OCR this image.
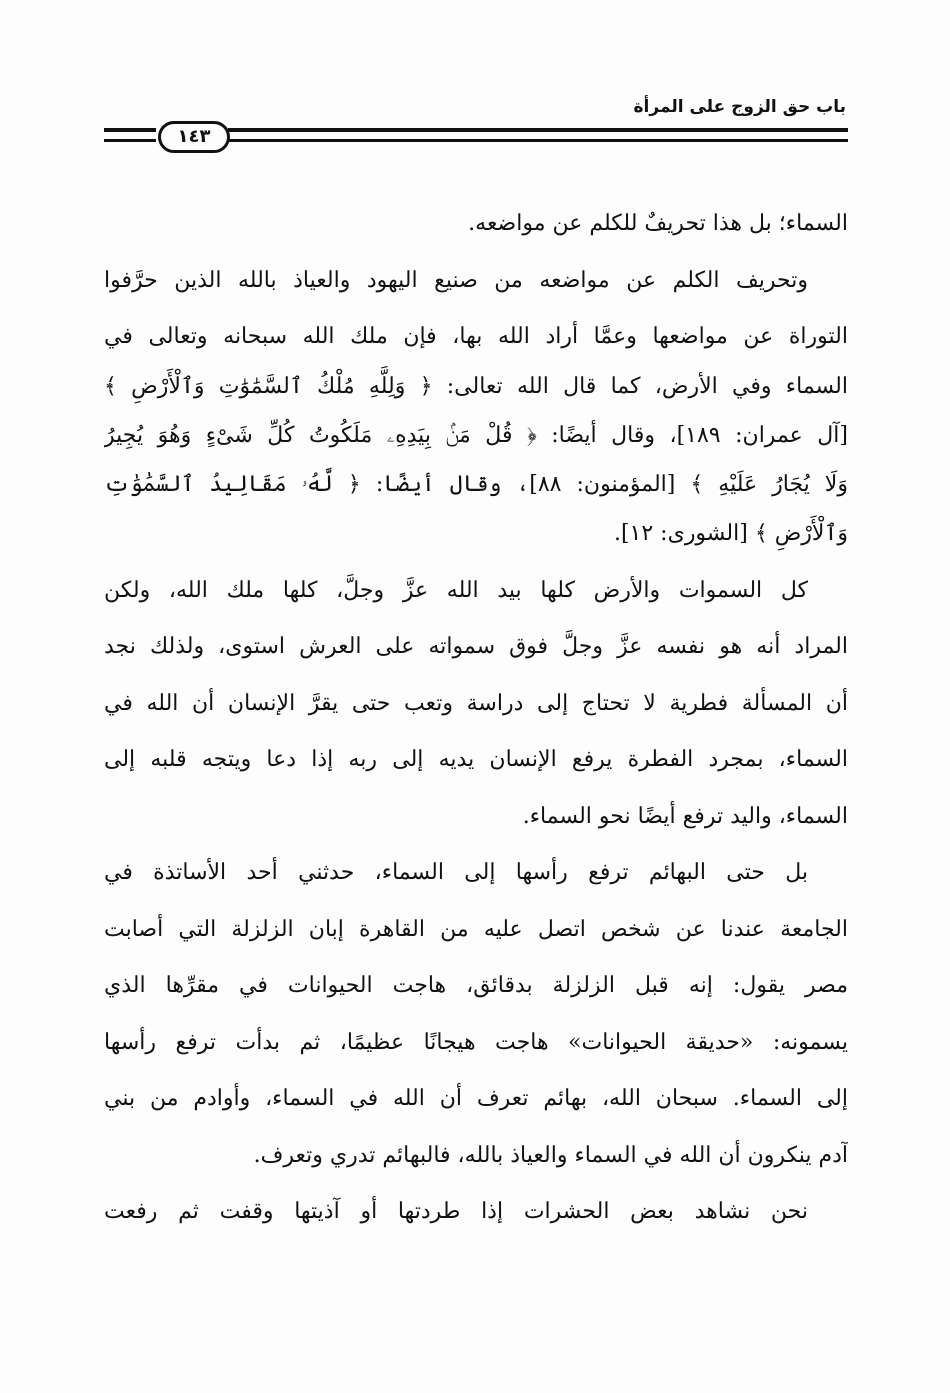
باب حق الزوج على المرأة
١٤٣
السماء؛ بل هذا تحريفٌ للكلم عن مواضعه.
وتحريف الكلم عن مواضعه من صنيع اليهود والعياذ بالله الذين حرَّفوا
التوراة عن مواضعها وعمَّا أراد الله بها، فإن ملك الله سبحانه وتعالى في
السماء وفي الأرض، كما قال الله تعالى: ﴿ وَلِلَّهِ مُلْكُ ٱلسَّمَٰوَٰتِ وَٱلْأَرْضِ ﴾
[آل عمران: ١٨٩]، وقال أيضًا: ﴿ قُلْ مَنۢ بِيَدِهِۦ مَلَكُوتُ كُلِّ شَىْءٍ وَهُوَ يُجِيرُ
وَلَا يُجَارُ عَلَيْهِ ﴾ [المؤمنون: ٨٨]، وقال أيضًا: ﴿ لَّهُۥ مَقَالِيدُ ٱلسَّمَٰوَٰتِ
وَٱلْأَرْضِ ﴾ [الشورى: ١٢].
كل السموات والأرض كلها بيد الله عزَّ وجلَّ، كلها ملك الله، ولكن
المراد أنه هو نفسه عزَّ وجلَّ فوق سمواته على العرش استوى، ولذلك نجد
أن المسألة فطرية لا تحتاج إلى دراسة وتعب حتى يقرَّ الإنسان أن الله في
السماء، بمجرد الفطرة يرفع الإنسان يديه إلى ربه إذا دعا ويتجه قلبه إلى
السماء، واليد ترفع أيضًا نحو السماء.
بل حتى البهائم ترفع رأسها إلى السماء، حدثني أحد الأساتذة في
الجامعة عندنا عن شخص اتصل عليه من القاهرة إبان الزلزلة التي أصابت
مصر يقول: إنه قبل الزلزلة بدقائق، هاجت الحيوانات في مقرِّها الذي
يسمونه: «حديقة الحيوانات» هاجت هيجانًا عظيمًا، ثم بدأت ترفع رأسها
إلى السماء. سبحان الله، بهائم تعرف أن الله في السماء، وأوادم من بني
آدم ينكرون أن الله في السماء والعياذ بالله، فالبهائم تدري وتعرف.
نحن نشاهد بعض الحشرات إذا طردتها أو آذيتها وقفت ثم رفعت
